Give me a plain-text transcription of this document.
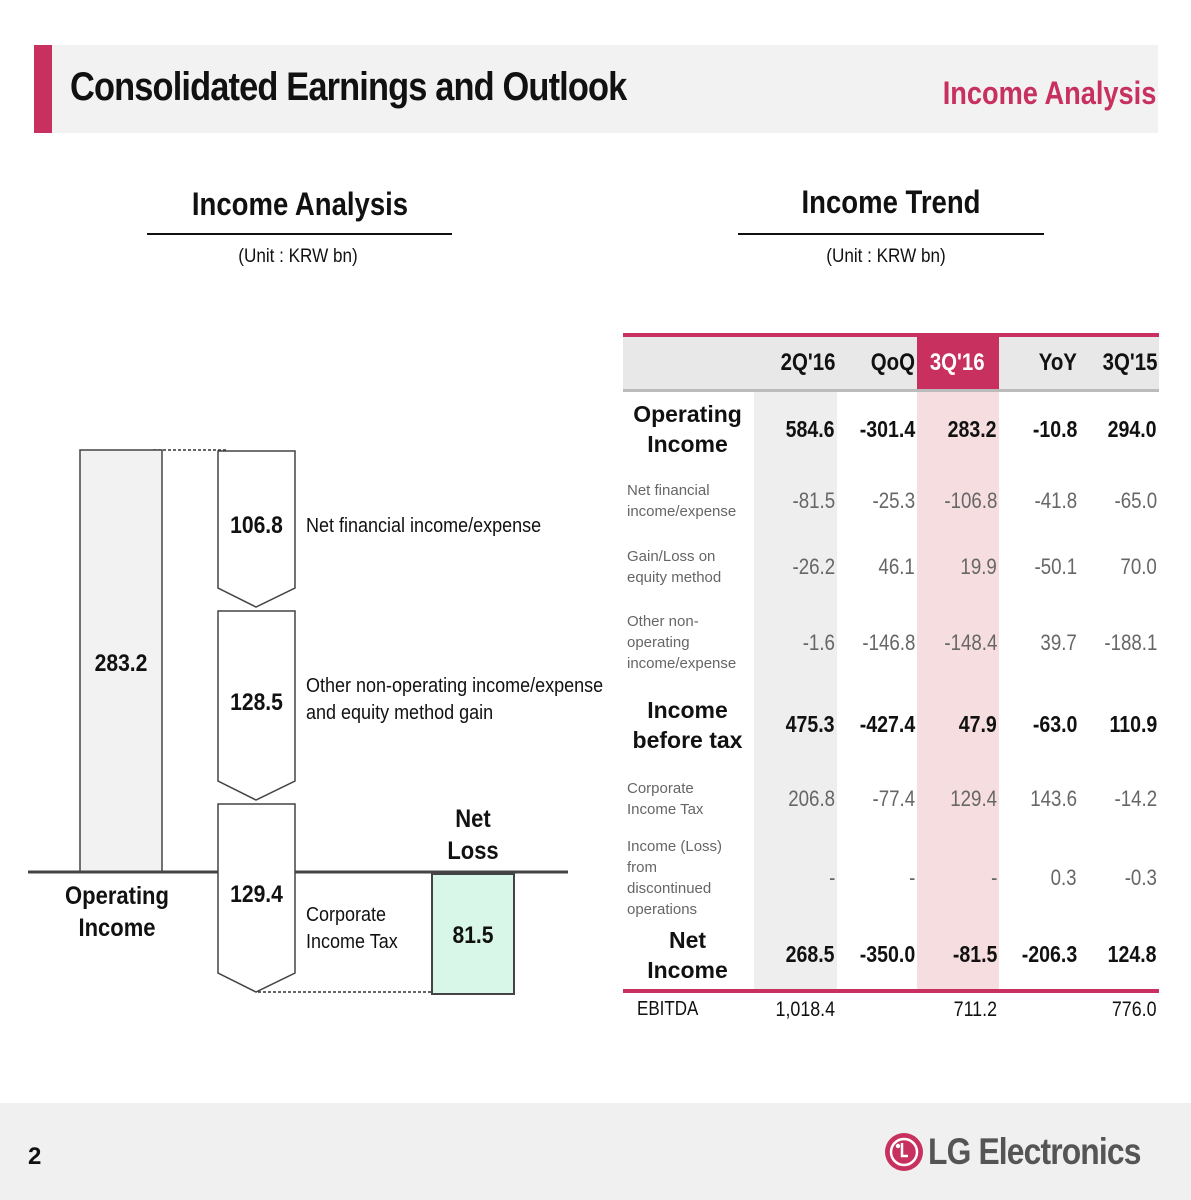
Consolidated Earnings and Outlook	Income Analysis
Income Analysis
(Unit : KRW bn)
Income Trend
(Unit : KRW bn)
283.2
Operating
Income
106.8	Net financial income/expense
128.5
Other non-operating income/expense
and equity method gain
129.4
Corporate
Income Tax
Net
Loss
81.5
	2Q'16	QoQ	3Q'16	YoY	3Q'15

Operating
Income	584.6	-301.4	283.2	-10.8	294.0

Net financial
income/expense	-81.5	-25.3	-106.8	-41.8	-65.0

Gain/Loss on
equity method	-26.2	46.1	19.9	-50.1	70.0

Other non-
operating
income/expense	-1.6	-146.8	-148.4	39.7	-188.1

Income
before tax	475.3	-427.4	47.9	-63.0	110.9

Corporate
Income Tax	206.8	-77.4	129.4	143.6	-14.2

Income (Loss) from
discontinued
operations	-	-	-	0.3	-0.3

Net
Income	268.5	-350.0	-81.5	-206.3	124.8
EBITDA	1,018.4		711.2		776.0
2	LG Electronics
